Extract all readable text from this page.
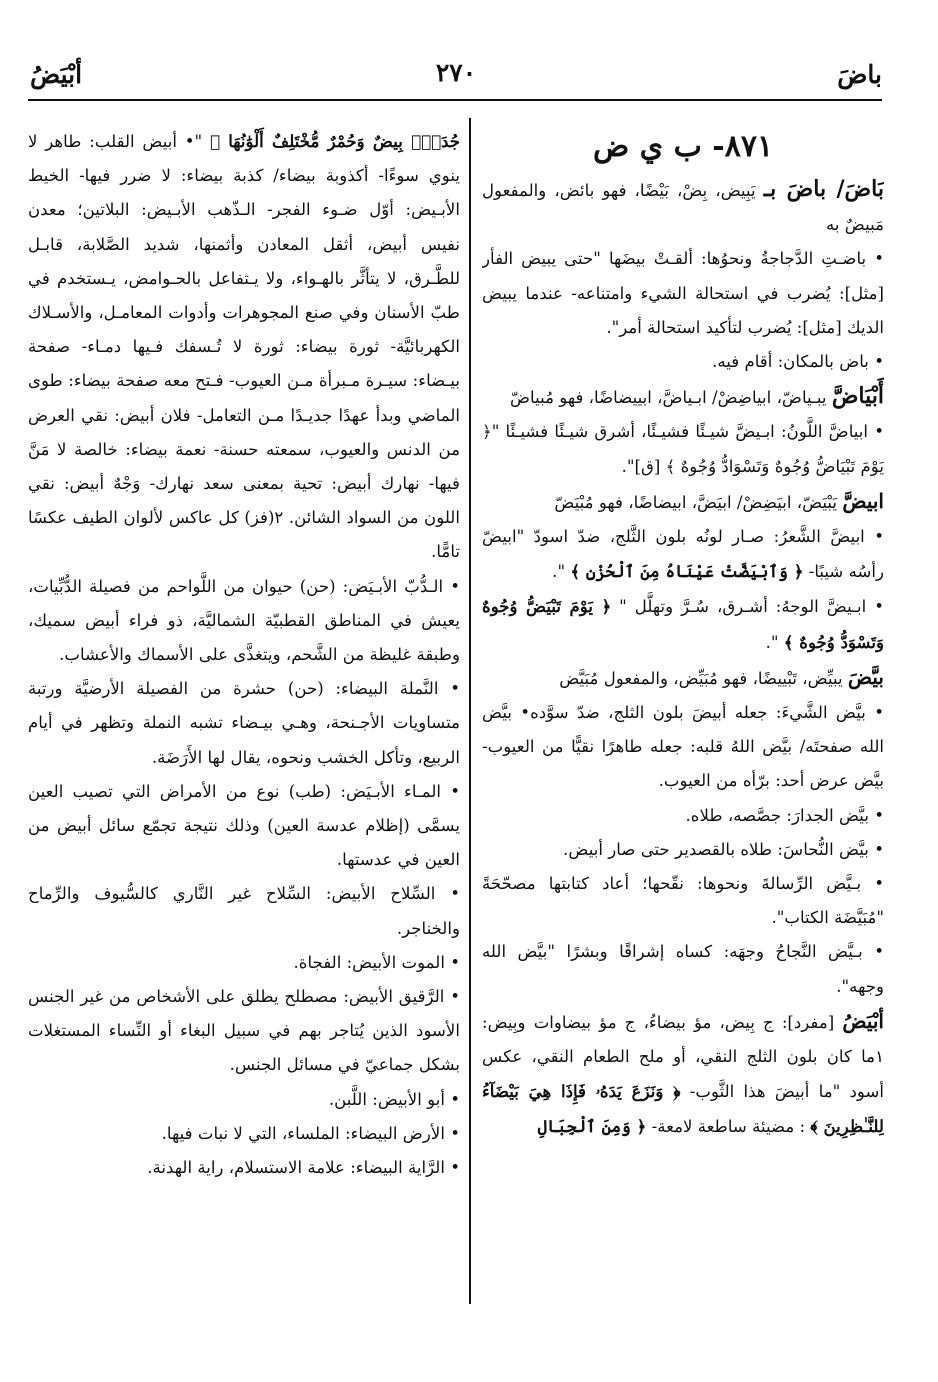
باضَ
٢٧٠
أبْيَضُ
٨٧١- ب ي ض

بَاضَ/ باضَ بـ يَبِيض، بِضْ، بَيْضًا، فهو بائض، والمفعول مَبيضٌ به

• باضـتِ الدَّجاجةُ ونحوُها: ألقـتْ بيضَها "حتى يبيض الفأر [مثل]: يُضرب في استحالة الشيء وامتناعه- عندما يبيض الديك [مثل]: يُضرب لتأكيد استحالة أمر".

• باض بالمكان: أقام فيه.

أَبْيَاضَّ يبـياضّ، ابياضِضْ/ ابـياضَّ، ابييضاضًا، فهو مُبياضّ

• ابياضَّ اللَّونُ: ابـيضَّ شيـئًا فشيـئًا، أشرق شيـئًا فشيـئًا "﴿ يَوْمَ تَبْيَاضُّ وُجُوهٌ وَتَسْوَادُّ وُجُوهٌ ﴾ [ق]".

ابيضَّ يَبْيَضّ، ابيَضِضْ/ ابيَضَّ، ابيضاضًا، فهو مُبْيَضّ

• ابيضَّ الشَّعرُ: صـار لونُه بلون الثَّلج، ضدّ اسودّ "ابيضّ رأسُه شيبًا- ﴿ وَٱبْيَضَّتْ عَيْنَاهُ مِنَ ٱلْحُزْنِ ﴾ ".

• ابـيضَّ الوجهُ: أشـرق، سُـرَّ وتهلَّل " ﴿ يَوْمَ تَبْيَضُّ وُجُوهٌ وَتَسْوَدُّ وُجُوهٌ ﴾ ".

بيَّضَ يبيِّض، تَبْييضًا، فهو مُبَيِّض، والمفعول مُبَيَّض

• بيَّض الشَّيءَ: جعله أبيضَ بلون الثلج، ضدّ سوَّده• بيَّض الله صفحتَه/ بيَّض اللهُ قلبه: جعله طاهرًا نقيًّا من العيوب- بيَّض عرض أحد: برّأه من العيوب.

• بيَّض الجدارَ: جصَّصه، طلاه.

• بيَّض النُّحاسَ: طلاه بالقصدير حتى صار أبيض.

• بـيَّض الرِّسالةَ ونحوها: نقّحها؛ أعاد كتابتها مصحّحَةً "مُبَيَّضَة الكتاب".

• بـيَّض النَّجاحُ وجهَه: كساه إشراقًا وبشرًا "بيَّض الله وجهه".

أبْيَضُ [مفرد]: ج بِيض، مؤ بيضاءُ، ج مؤ بيضاوات وبِيض: ١ما كان بلون الثلج النقي، أو ملح الطعام النقي، عكس أسود "ما أبيضَ هذا الثَّوب- ﴿ وَنَزَعَ يَدَهُۥ فَإِذَا هِيَ بَيْضَآءُ لِلنَّـٰظِرِينَ ﴾ : مضيئة ساطعة لامعة- ﴿ وَمِنَ ٱلْجِبَالِ

جُدَدٌۢ بِيضٌ وَحُمْرٌ مُّخْتَلِفٌ أَلْوَٰنُهَا ﴾ "• أبيض القلب: طاهر لا ينوي سوءًا- أكذوبة بيضاء/ كذبة بيضاء: لا ضرر فيها- الخيط الأبـيض: أوّل ضـوء الفجر- الـذّهب الأبـيض: البلاتين؛ معدن نفيس أبيض، أثقل المعادن وأثمنها، شديد الصَّلابة، قابـل للطَّـرق، لا يتأثَّر بالهـواء، ولا يـتفاعل بالحـوامض، يـستخدم في طبّ الأسنان وفي صنع المجوهرات وأدوات المعامـل، والأسـلاك الكهربائيَّة- ثورة بيضاء: ثورة لا تُـسفك فـيها دمـاء- صفحة بيـضاء: سيـرة مـبرأة مـن العيوب- فـتح معه صفحة بيضاء: طوى الماضي وبدأ عهدًا جديـدًا مـن التعامل- فلان أبيض: نقي العرض من الدنس والعيوب، سمعته حسنة- نعمة بيضاء: خالصة لا مَنَّ فيها- نهارك أبيض: تحية بمعنى سعد نهارك- وَجْهٌ أبيض: نقي اللون من السواد الشائن. ٢(فز) كل عاكس لألوان الطيف عكسًا تامًّا.

• الـدُّبّ الأبـيَض: (حن) حيوان من اللَّواحم من فصيلة الدُّبِّيات، يعيش في المناطق القطبيّة الشماليَّة، ذو فراء أبيض سميك، وطبقة غليظة من الشَّحم، ويتغذَّى على الأسماك والأعشاب.

• النَّملة البيضاء: (حن) حشرة من الفصيلة الأرضيَّة ورتبة متساويات الأجـنحة، وهـي بيـضاء تشبه النملة وتظهر في أيام الربيع، وتأكل الخشب ونحوه، يقال لها الأَرَضَة.

• المـاء الأبـيَض: (طب) نوع من الأمراض التي تصيب العين يسمَّى (إظلام عدسة العين) وذلك نتيجة تجمّع سائل أبيض من العين في عدستها.

• السِّلاح الأبيض: السِّلاح غير النَّاري كالسُّيوف والرِّماح والخناجر.

• الموت الأبيض: الفجاة.

• الرَّقيق الأبيض: مصطلح يطلق على الأشخاص من غير الجنس الأسود الذين يُتاجر بهم في سبيل البغاء أو النِّساء المستغلات بشكل جماعيّ في مسائل الجنس.

• أبو الأبيض: اللَّبن.

• الأرض البيضاء: الملساء، التي لا نبات فيها.

• الرَّاية البيضاء: علامة الاستسلام، راية الهدنة.
